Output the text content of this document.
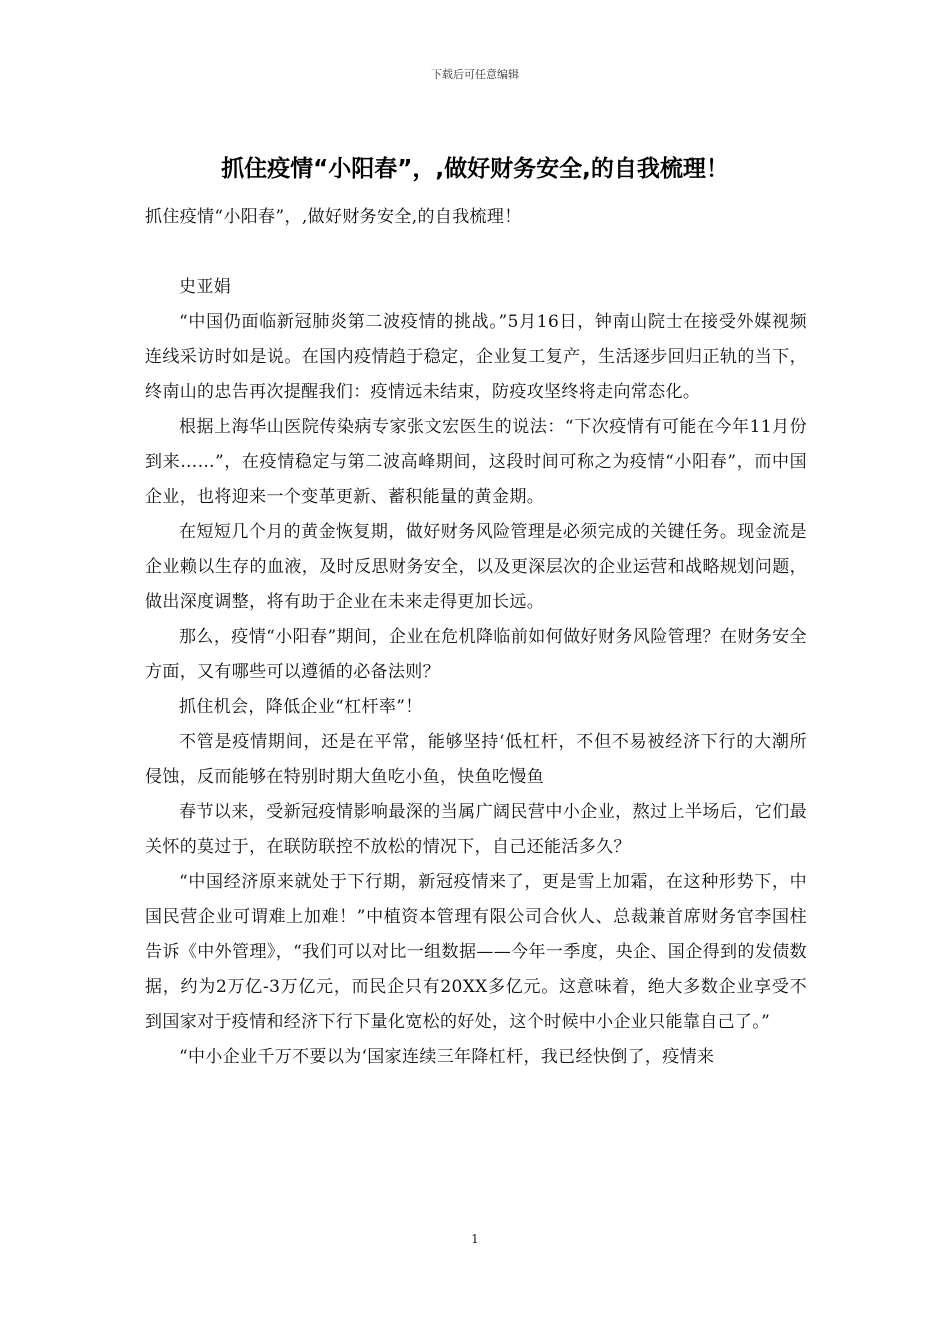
下载后可任意编辑
抓住疫情“小阳春”，,做好财务安全,的自我梳理！

抓住疫情“小阳春”，,做好财务安全,的自我梳理！

史亚娟

“中国仍面临新冠肺炎第二波疫情的挑战。”5月16日，钟南山院士在接受外媒视频连线采访时如是说。在国内疫情趋于稳定，企业复工复产，生活逐步回归正轨的当下，终南山的忠告再次提醒我们：疫情远未结束，防疫攻坚终将走向常态化。

根据上海华山医院传染病专家张文宏医生的说法：“下次疫情有可能在今年11月份到来……”，在疫情稳定与第二波高峰期间，这段时间可称之为疫情“小阳春”，而中国企业，也将迎来一个变革更新、蓄积能量的黄金期。

在短短几个月的黄金恢复期，做好财务风险管理是必须完成的关键任务。现金流是企业赖以生存的血液，及时反思财务安全，以及更深层次的企业运营和战略规划问题，做出深度调整，将有助于企业在未来走得更加长远。

那么，疫情“小阳春”期间，企业在危机降临前如何做好财务风险管理？在财务安全方面，又有哪些可以遵循的必备法则？

抓住机会，降低企业“杠杆率”！

不管是疫情期间，还是在平常，能够坚持‘低杠杆，不但不易被经济下行的大潮所侵蚀，反而能够在特别时期大鱼吃小鱼，快鱼吃慢鱼

春节以来，受新冠疫情影响最深的当属广阔民营中小企业，熬过上半场后，它们最关怀的莫过于，在联防联控不放松的情况下，自己还能活多久？

“中国经济原来就处于下行期，新冠疫情来了，更是雪上加霜，在这种形势下，中国民营企业可谓难上加难！”中植资本管理有限公司合伙人、总裁兼首席财务官李国柱告诉《中外管理》，“我们可以对比一组数据——今年一季度，央企、国企得到的发债数据，约为2万亿-3万亿元，而民企只有20XX多亿元。这意味着，绝大多数企业享受不到国家对于疫情和经济下行下量化宽松的好处，这个时候中小企业只能靠自己了。”

“中小企业千万不要以为‘国家连续三年降杠杆，我已经快倒了，疫情来

1
